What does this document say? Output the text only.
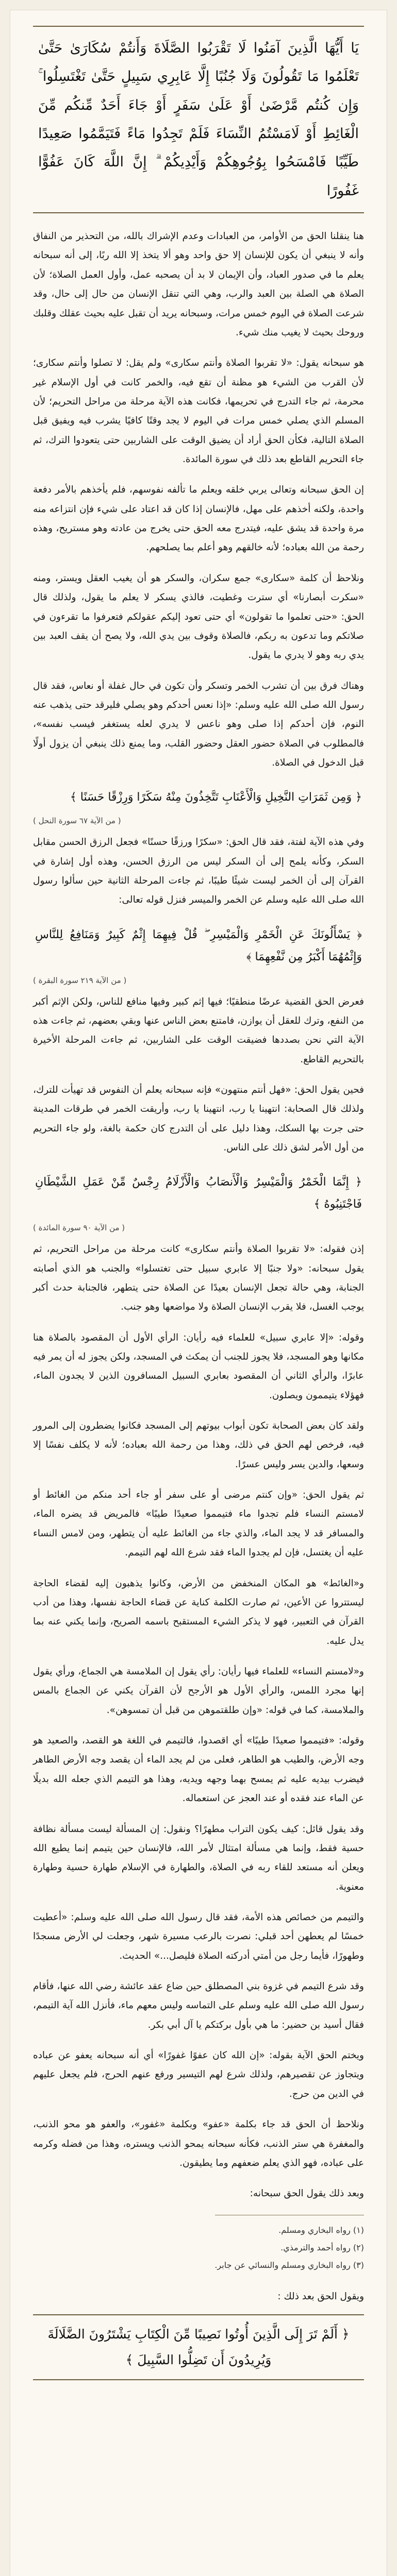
يَا أَيُّهَا الَّذِينَ آمَنُوا لَا تَقْرَبُوا الصَّلَاةَ وَأَنتُمْ سُكَارَىٰ حَتَّىٰ تَعْلَمُوا مَا تَقُولُونَ وَلَا جُنُبًا إِلَّا عَابِرِي سَبِيلٍ حَتَّىٰ تَغْتَسِلُوا ۚ وَإِن كُنتُم مَّرْضَىٰ أَوْ عَلَىٰ سَفَرٍ أَوْ جَاءَ أَحَدٌ مِّنكُم مِّنَ الْغَائِطِ أَوْ لَامَسْتُمُ النِّسَاءَ فَلَمْ تَجِدُوا مَاءً فَتَيَمَّمُوا صَعِيدًا طَيِّبًا فَامْسَحُوا بِوُجُوهِكُمْ وَأَيْدِيكُمْ ۗ إِنَّ اللَّهَ كَانَ عَفُوًّا غَفُورًا

هنا ينقلنا الحق من الأوامر، من العبادات وعدم الإشراك بالله، من التحذير من النفاق وأنه لا ينبغي أن يكون للإنسان إلا حق واحد وهو ألا يتخذ إلا الله ربًا، إلى أنه سبحانه يعلم ما في صدور العباد، وأن الإيمان لا بد أن يصحبه عمل، وأول العمل الصلاة؛ لأن الصلاة هي الصلة بين العبد والرب، وهي التي تنقل الإنسان من حال إلى حال، وقد شرعت الصلاة في اليوم خمس مرات، وسبحانه يريد أن تقبل عليه بحيث عقلك وقلبك وروحك بحيث لا يغيب منك شيء.

هو سبحانه يقول: «لا تقربوا الصلاة وأنتم سكارى» ولم يقل: لا تصلوا وأنتم سكارى؛ لأن القرب من الشيء هو مظنة أن تقع فيه، والخمر كانت في أول الإسلام غير محرمة، ثم جاء التدرج في تحريمها، فكانت هذه الآية مرحلة من مراحل التحريم؛ لأن المسلم الذي يصلي خمس مرات في اليوم لا يجد وقتًا كافيًا يشرب فيه ويفيق قبل الصلاة التالية، فكأن الحق أراد أن يضيق الوقت على الشاربين حتى يتعودوا الترك، ثم جاء التحريم القاطع بعد ذلك في سورة المائدة.

إن الحق سبحانه وتعالى يربي خلقه ويعلم ما تألفه نفوسهم، فلم يأخذهم بالأمر دفعة واحدة، ولكنه أخذهم على مهل، فالإنسان إذا كان قد اعتاد على شيء فإن انتزاعه منه مرة واحدة قد يشق عليه، فيتدرج معه الحق حتى يخرج من عادته وهو مستريح، وهذه رحمة من الله بعباده؛ لأنه خالقهم وهو أعلم بما يصلحهم.

ونلاحظ أن كلمة «سكارى» جمع سكران، والسكر هو أن يغيب العقل ويستر، ومنه «سكرت أبصارنا» أي سترت وغطيت، فالذي يسكر لا يعلم ما يقول، ولذلك قال الحق: «حتى تعلموا ما تقولون» أي حتى تعود إليكم عقولكم فتعرفوا ما تقرءون في صلاتكم وما تدعون به ربكم، فالصلاة وقوف بين يدي الله، ولا يصح أن يقف العبد بين يدي ربه وهو لا يدري ما يقول.

وهناك فرق بين أن تشرب الخمر وتسكر وأن تكون في حال غفلة أو نعاس، فقد قال رسول الله صلى الله عليه وسلم: «إذا نعس أحدكم وهو يصلي فليرقد حتى يذهب عنه النوم، فإن أحدكم إذا صلى وهو ناعس لا يدري لعله يستغفر فيسب نفسه»، فالمطلوب في الصلاة حضور العقل وحضور القلب، وما يمنع ذلك ينبغي أن يزول أولًا قبل الدخول في الصلاة.

﴿ وَمِن ثَمَرَاتِ النَّخِيلِ وَالْأَعْنَابِ تَتَّخِذُونَ مِنْهُ سَكَرًا وَرِزْقًا حَسَنًا ﴾
( من الآية ٦٧ سورة النحل )

وفي هذه الآية لفتة، فقد قال الحق: «سكرًا ورزقًا حسنًا» فجعل الرزق الحسن مقابل السكر، وكأنه يلمح إلى أن السكر ليس من الرزق الحسن، وهذه أول إشارة في القرآن إلى أن الخمر ليست شيئًا طيبًا، ثم جاءت المرحلة الثانية حين سألوا رسول الله صلى الله عليه وسلم عن الخمر والميسر فنزل قوله تعالى:

﴿ يَسْأَلُونَكَ عَنِ الْخَمْرِ وَالْمَيْسِرِ ۖ قُلْ فِيهِمَا إِثْمٌ كَبِيرٌ وَمَنَافِعُ لِلنَّاسِ وَإِثْمُهُمَا أَكْبَرُ مِن نَّفْعِهِمَا ﴾
( من الآية ٢١٩ سورة البقرة )

فعرض الحق القضية عرضًا منطقيًا؛ فيها إثم كبير وفيها منافع للناس، ولكن الإثم أكبر من النفع، وترك للعقل أن يوازن، فامتنع بعض الناس عنها وبقي بعضهم، ثم جاءت هذه الآية التي نحن بصددها فضيقت الوقت على الشاربين، ثم جاءت المرحلة الأخيرة بالتحريم القاطع.

فحين يقول الحق: «فهل أنتم منتهون» فإنه سبحانه يعلم أن النفوس قد تهيأت للترك، ولذلك قال الصحابة: انتهينا يا رب، انتهينا يا رب، وأريقت الخمر في طرقات المدينة حتى جرت بها السكك، وهذا دليل على أن التدرج كان حكمة بالغة، ولو جاء التحريم من أول الأمر لشق ذلك على الناس.

﴿ إِنَّمَا الْخَمْرُ وَالْمَيْسِرُ وَالْأَنصَابُ وَالْأَزْلَامُ رِجْسٌ مِّنْ عَمَلِ الشَّيْطَانِ فَاجْتَنِبُوهُ ﴾
( من الآية ٩٠ سورة المائدة )

إذن فقوله: «لا تقربوا الصلاة وأنتم سكارى» كانت مرحلة من مراحل التحريم، ثم يقول سبحانه: «ولا جنبًا إلا عابري سبيل حتى تغتسلوا» والجنب هو الذي أصابته الجنابة، وهي حالة تجعل الإنسان بعيدًا عن الصلاة حتى يتطهر، فالجنابة حدث أكبر يوجب الغسل، فلا يقرب الإنسان الصلاة ولا مواضعها وهو جنب.

وقوله: «إلا عابري سبيل» للعلماء فيه رأيان: الرأي الأول أن المقصود بالصلاة هنا مكانها وهو المسجد، فلا يجوز للجنب أن يمكث في المسجد، ولكن يجوز له أن يمر فيه عابرًا، والرأي الثاني أن المقصود بعابري السبيل المسافرون الذين لا يجدون الماء، فهؤلاء يتيممون ويصلون.

ولقد كان بعض الصحابة تكون أبواب بيوتهم إلى المسجد فكانوا يضطرون إلى المرور فيه، فرخص لهم الحق في ذلك، وهذا من رحمة الله بعباده؛ لأنه لا يكلف نفسًا إلا وسعها، والدين يسر وليس عسرًا.

ثم يقول الحق: «وإن كنتم مرضى أو على سفر أو جاء أحد منكم من الغائط أو لامستم النساء فلم تجدوا ماء فتيمموا صعيدًا طيبًا» فالمريض قد يضره الماء، والمسافر قد لا يجد الماء، والذي جاء من الغائط عليه أن يتطهر، ومن لامس النساء عليه أن يغتسل، فإن لم يجدوا الماء فقد شرع الله لهم التيمم.

و«الغائط» هو المكان المنخفض من الأرض، وكانوا يذهبون إليه لقضاء الحاجة ليستتروا عن الأعين، ثم صارت الكلمة كناية عن قضاء الحاجة نفسها، وهذا من أدب القرآن في التعبير، فهو لا يذكر الشيء المستقبح باسمه الصريح، وإنما يكني عنه بما يدل عليه.

و«لامستم النساء» للعلماء فيها رأيان: رأي يقول إن الملامسة هي الجماع، ورأي يقول إنها مجرد اللمس، والرأي الأول هو الأرجح لأن القرآن يكني عن الجماع بالمس والملامسة، كما في قوله: «وإن طلقتموهن من قبل أن تمسوهن».

وقوله: «فتيمموا صعيدًا طيبًا» أي اقصدوا، فالتيمم في اللغة هو القصد، والصعيد هو وجه الأرض، والطيب هو الطاهر، فعلى من لم يجد الماء أن يقصد وجه الأرض الطاهر فيضرب بيديه عليه ثم يمسح بهما وجهه ويديه، وهذا هو التيمم الذي جعله الله بديلًا عن الماء عند فقده أو عند العجز عن استعماله.

وقد يقول قائل: كيف يكون التراب مطهرًا؟ ونقول: إن المسألة ليست مسألة نظافة حسية فقط، وإنما هي مسألة امتثال لأمر الله، فالإنسان حين يتيمم إنما يطيع الله ويعلن أنه مستعد للقاء ربه في الصلاة، والطهارة في الإسلام طهارة حسية وطهارة معنوية.

والتيمم من خصائص هذه الأمة، فقد قال رسول الله صلى الله عليه وسلم: «أعطيت خمسًا لم يعطهن أحد قبلي: نصرت بالرعب مسيرة شهر، وجعلت لي الأرض مسجدًا وطهورًا، فأيما رجل من أمتي أدركته الصلاة فليصل...» الحديث.

وقد شرع التيمم في غزوة بني المصطلق حين ضاع عقد عائشة رضي الله عنها، فأقام رسول الله صلى الله عليه وسلم على التماسه وليس معهم ماء، فأنزل الله آية التيمم، فقال أسيد بن حضير: ما هي بأول بركتكم يا آل أبي بكر.

ويختم الحق الآية بقوله: «إن الله كان عفوًا غفورًا» أي أنه سبحانه يعفو عن عباده ويتجاوز عن تقصيرهم، ولذلك شرع لهم التيسير ورفع عنهم الحرج، فلم يجعل عليهم في الدين من حرج.

ونلاحظ أن الحق قد جاء بكلمة «عفو» وبكلمة «غفور»، والعفو هو محو الذنب، والمغفرة هي ستر الذنب، فكأنه سبحانه يمحو الذنب ويستره، وهذا من فضله وكرمه على عباده، فهو الذي يعلم ضعفهم وما يطيقون.

وبعد ذلك يقول الحق سبحانه:

(١) رواه البخاري ومسلم.
(٢) رواه أحمد والترمذي.
(٣) رواه البخاري ومسلم والنسائي عن جابر.
ويقول الحق بعد ذلك :
﴿ أَلَمْ تَرَ إِلَى الَّذِينَ أُوتُوا نَصِيبًا مِّنَ الْكِتَابِ يَشْتَرُونَ الضَّلَالَةَ وَيُرِيدُونَ أَن تَضِلُّوا السَّبِيلَ ﴾
